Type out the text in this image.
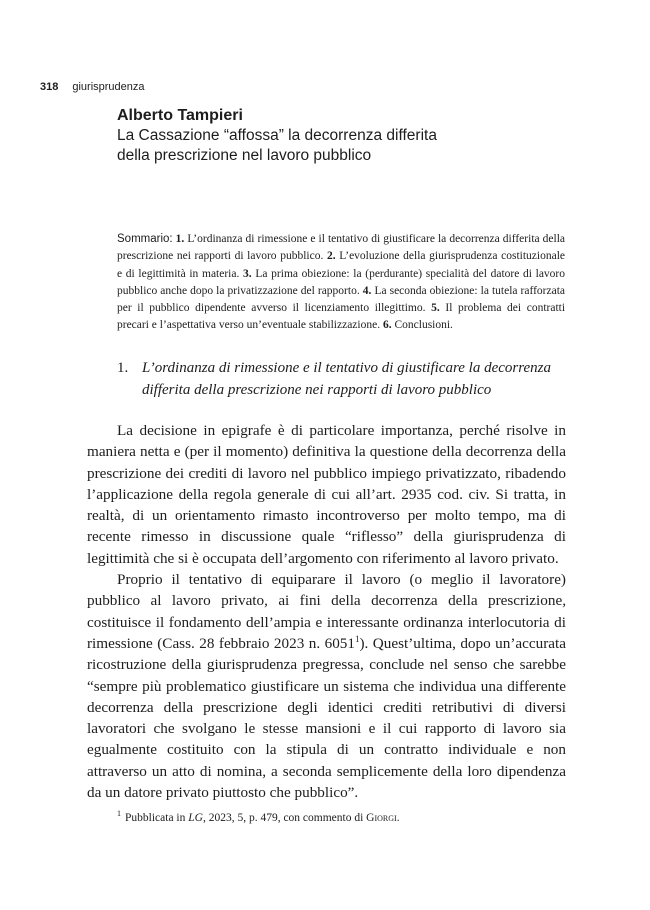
318 giurisprudenza
Alberto Tampieri
La Cassazione “affossa” la decorrenza differita
della prescrizione nel lavoro pubblico
Sommario: 1. L’ordinanza di rimessione e il tentativo di giustificare la decorrenza differita della prescrizione nei rapporti di lavoro pubblico. 2. L’evoluzione della giurisprudenza costituzionale e di legittimità in materia. 3. La prima obiezione: la (perdurante) specialità del datore di lavoro pubblico anche dopo la privatizzazione del rapporto. 4. La seconda obiezione: la tutela rafforzata per il pubblico dipendente avverso il licenziamento illegittimo. 5. Il problema dei contratti precari e l’aspettativa verso un’eventuale stabilizzazione. 6. Conclusioni.
1. L’ordinanza di rimessione e il tentativo di giustificare la decorrenza differita della prescrizione nei rapporti di lavoro pubblico

La decisione in epigrafe è di particolare importanza, perché risolve in maniera netta e (per il momento) definitiva la questione della decorrenza della prescrizione dei crediti di lavoro nel pubblico impiego privatizzato, ribadendo l’applicazione della regola generale di cui all’art. 2935 cod. civ. Si tratta, in realtà, di un orientamento rimasto incontroverso per molto tempo, ma di recente rimesso in discussione quale “riflesso” della giurisprudenza di legittimità che si è occupata dell’argomento con riferimento al lavoro privato.

Proprio il tentativo di equiparare il lavoro (o meglio il lavoratore) pubblico al lavoro privato, ai fini della decorrenza della prescrizione, costituisce il fondamento dell’ampia e interessante ordinanza interlocutoria di rimessione (Cass. 28 febbraio 2023 n. 6051$^1$). Quest’ultima, dopo un’accurata ricostruzione della giurisprudenza pregressa, conclude nel senso che sarebbe “sempre più problematico giustificare un sistema che individua una differente decorrenza della prescrizione degli identici crediti retributivi di diversi lavoratori che svolgano le stesse mansioni e il cui rapporto di lavoro sia egualmente costituito con la stipula di un contratto individuale e non attraverso un atto di nomina, a seconda semplicemente della loro dipendenza da un datore privato piuttosto che pubblico”.

$^1$ Pubblicata in LG, 2023, 5, p. 479, con commento di Giorgi.
